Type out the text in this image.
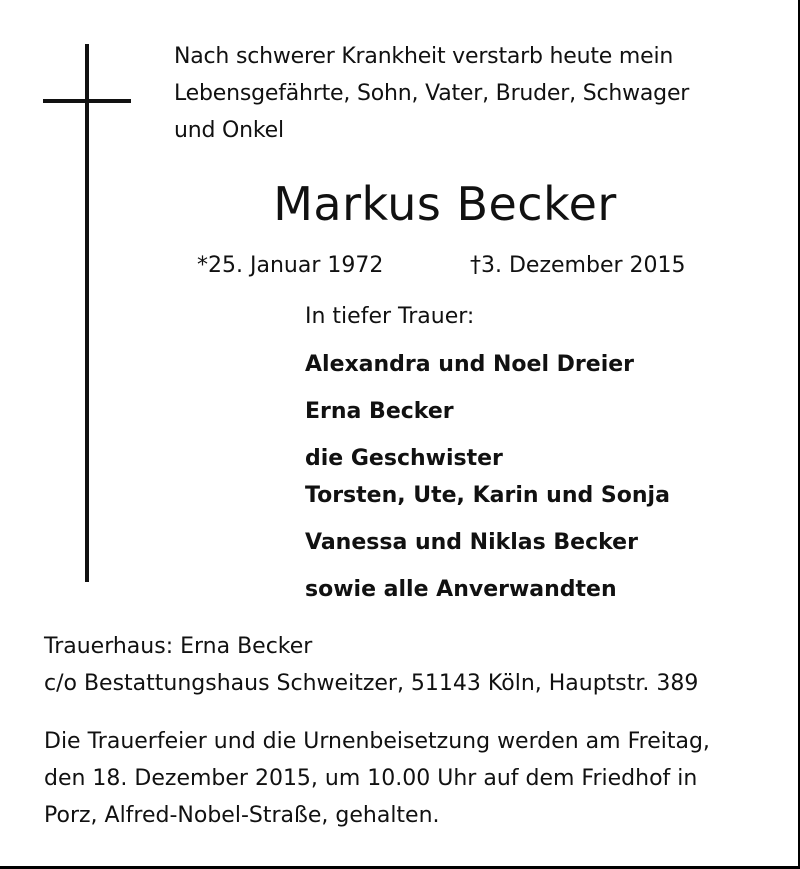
Nach schwerer Krankheit verstarb heute mein
Lebensgefährte, Sohn, Vater, Bruder, Schwager
und Onkel
Markus Becker
*25. Januar 1972	†3. Dezember 2015
In tiefer Trauer:
Alexandra und Noel Dreier
Erna Becker
die Geschwister
Torsten, Ute, Karin und Sonja
Vanessa und Niklas Becker
sowie alle Anverwandten
Trauerhaus: Erna Becker
c/o Bestattungshaus Schweitzer, 51143 Köln, Hauptstr. 389
Die Trauerfeier und die Urnenbeisetzung werden am Freitag,
den 18. Dezember 2015, um 10.00 Uhr auf dem Friedhof in
Porz, Alfred-Nobel-Straße, gehalten.
